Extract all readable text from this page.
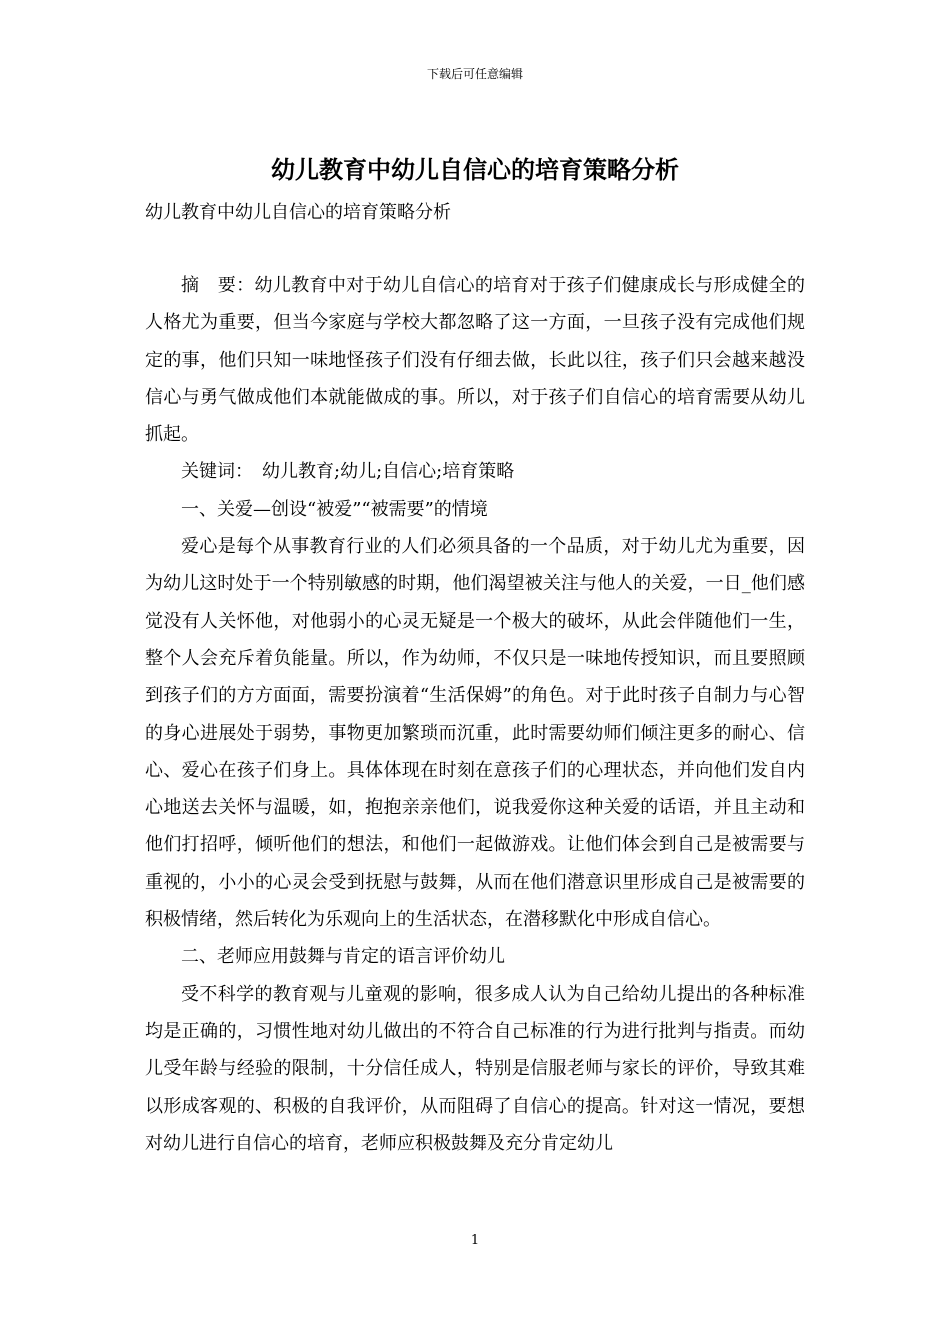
下载后可任意编辑
幼儿教育中幼儿自信心的培育策略分析
幼儿教育中幼儿自信心的培育策略分析

摘　要：幼儿教育中对于幼儿自信心的培育对于孩子们健康成长与形成健全的人格尤为重要，但当今家庭与学校大都忽略了这一方面，一旦孩子没有完成他们规定的事，他们只知一味地怪孩子们没有仔细去做，长此以往，孩子们只会越来越没信心与勇气做成他们本就能做成的事。所以，对于孩子们自信心的培育需要从幼儿抓起。

关键词：　幼儿教育;幼儿;自信心;培育策略

一、关爱—创设“被爱”“被需要”的情境

爱心是每个从事教育行业的人们必须具备的一个品质，对于幼儿尤为重要，因为幼儿这时处于一个特别敏感的时期，他们渴望被关注与他人的关爱，一日_他们感觉没有人关怀他，对他弱小的心灵无疑是一个极大的破坏，从此会伴随他们一生，整个人会充斥着负能量。所以，作为幼师，不仅只是一味地传授知识，而且要照顾到孩子们的方方面面，需要扮演着“生活保姆”的角色。对于此时孩子自制力与心智的身心进展处于弱势，事物更加繁琐而沉重，此时需要幼师们倾注更多的耐心、信心、爱心在孩子们身上。具体体现在时刻在意孩子们的心理状态，并向他们发自内心地送去关怀与温暖，如，抱抱亲亲他们，说我爱你这种关爱的话语，并且主动和他们打招呼，倾听他们的想法，和他们一起做游戏。让他们体会到自己是被需要与重视的，小小的心灵会受到抚慰与鼓舞，从而在他们潜意识里形成自己是被需要的积极情绪，然后转化为乐观向上的生活状态，在潜移默化中形成自信心。

二、老师应用鼓舞与肯定的语言评价幼儿

受不科学的教育观与儿童观的影响，很多成人认为自己给幼儿提出的各种标准均是正确的，习惯性地对幼儿做出的不符合自己标准的行为进行批判与指责。而幼儿受年龄与经验的限制，十分信任成人，特别是信服老师与家长的评价，导致其难以形成客观的、积极的自我评价，从而阻碍了自信心的提高。针对这一情况，要想对幼儿进行自信心的培育，老师应积极鼓舞及充分肯定幼儿

1
